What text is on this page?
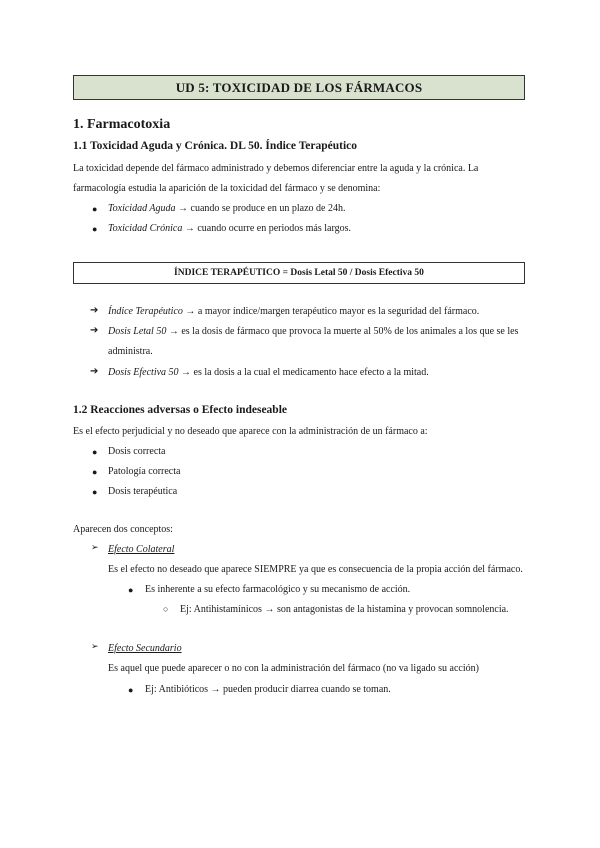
UD 5: TOXICIDAD DE LOS FÁRMACOS
1. Farmacotoxia
1.1 Toxicidad Aguda y Crónica. DL 50. Índice Terapéutico
La toxicidad depende del fármaco administrado y debemos diferenciar entre la aguda y la crónica. La
farmacología estudia la aparición de la toxicidad del fármaco y se denomina:
● Toxicidad Aguda → cuando se produce en un plazo de 24h.
● Toxicidad Crónica → cuando ocurre en periodos más largos.
ÍNDICE TERAPÉUTICO = Dosis Letal 50 / Dosis Efectiva 50
➔ Índice Terapéutico → a mayor índice/margen terapéutico mayor es la seguridad del fármaco.
➔ Dosis Letal 50 → es la dosis de fármaco que provoca la muerte al 50% de los animales a los que se les
administra.
➔ Dosis Efectiva 50 → es la dosis a la cual el medicamento hace efecto a la mitad.
1.2 Reacciones adversas o Efecto indeseable
Es el efecto perjudicial y no deseado que aparece con la administración de un fármaco a:
● Dosis correcta
● Patología correcta
● Dosis terapéutica
Aparecen dos conceptos:
➢ Efecto Colateral
Es el efecto no deseado que aparece SIEMPRE ya que es consecuencia de la propia acción del fármaco.
● Es inherente a su efecto farmacológico y su mecanismo de acción.
○ Ej: Antihistamínicos → son antagonistas de la histamina y provocan somnolencia.
➢ Efecto Secundario
Es aquel que puede aparecer o no con la administración del fármaco (no va ligado su acción)
● Ej: Antibióticos → pueden producir diarrea cuando se toman.
